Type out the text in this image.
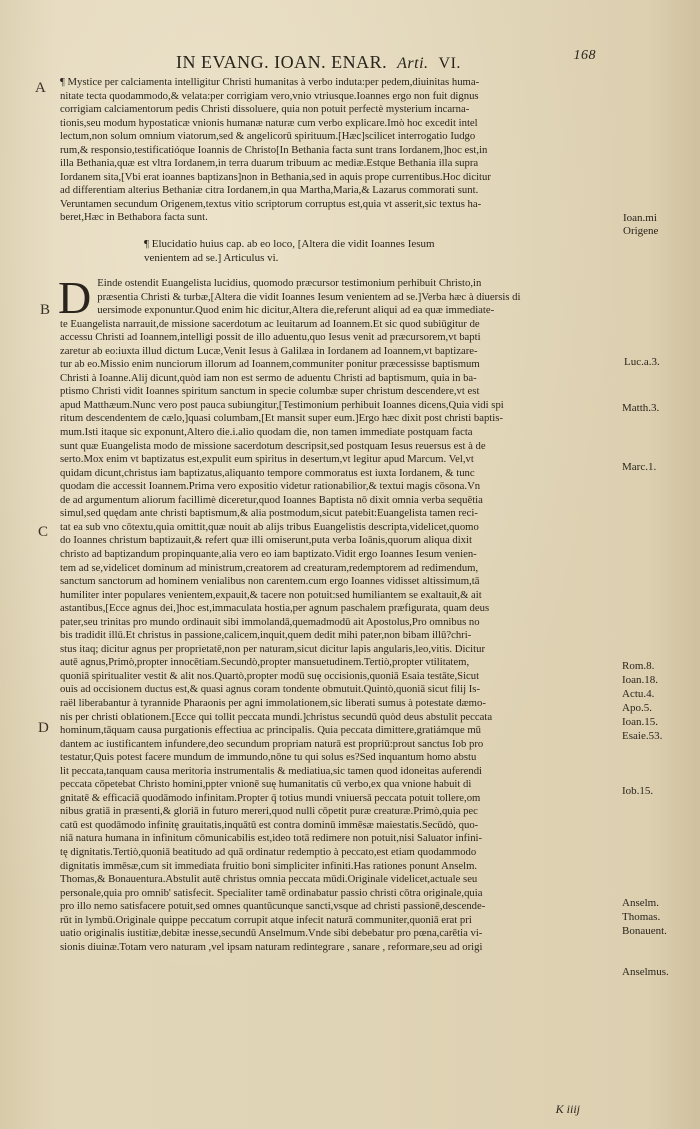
IN EVANG. IOAN. ENAR. Arti. VI.	168
A
B
C
D
Ioan.mi Origene
Luc.a.3.
Matth.3.
Marc.1.
Rom.8.
Ioan.18.
Actu.4.
Apo.5.
Ioan.15.
Esaie.53.
Iob.15.
Anselm.
Thomas.
Bonauent.
Anselmus.
¶ Mystice per calciamenta intelligitur Christi humanitas à verbo induta:per pedem,diuinitas huma-
nitate tecta quodammodo,& velata:per corrigiam vero,vnio vtriusque.Ioannes ergo non fuit dignus
corrigiam calciamentorum pedis Christi dissoluere, quia non potuit perfectè mysterium incarna-
tionis,seu modum hypostaticæ vnionis humanæ naturæ cum verbo explicare.Imò hoc excedit intel
lectum,non solum omnium viatorum,sed & angelicorū spirituum.[Hæc]scilicet interrogatio Iudgo
rum,& responsio,testificatióque Ioannis de Christo[In Bethania facta sunt trans Iordanem,]hoc est,in
illa Bethania,quæ est vltra Iordanem,in terra duarum tribuum ac mediæ.Estque Bethania illa supra
Iordanem sita,[Vbi erat ioannes baptizans]non in Bethania,sed in aquis prope currentibus.Hoc dicitur
ad differentiam alterius Bethaniæ citra Iordanem,in qua Martha,Maria,& Lazarus commorati sunt.
Veruntamen secundum Origenem,textus vitio scriptorum corruptus est,quia vt asserit,sic textus ha-
beret,Hæc in Bethabora facta sunt.
¶ Elucidatio huius cap. ab eo loco, [Altera die vidit Ioannes Iesum
venientem ad se.] Articulus vi.
D Einde ostendit Euangelista lucidius, quomodo præcursor testimonium perhibuit Christo,in
præsentia Christi & turbæ,[Altera die vidit Ioannes Iesum venientem ad se.]Verba hæc à diuersis di
uersimode exponuntur.Quod enim hic dicitur,Altera die,referunt aliqui ad ea quæ immediate-
te Euangelista narrauit,de missione sacerdotum ac leuitarum ad Ioannem.Et sic quod subiūgitur de
accessu Christi ad Ioannem,intelligi possit de illo aduentu,quo Iesus venit ad præcursorem,vt bapti
zaretur ab eo:iuxta illud dictum Lucæ,Venit Iesus à Galilæa in Iordanem ad Ioannem,vt baptizare-
tur ab eo.Missio enim nunciorum illorum ad Ioannem,communiter ponitur præcessisse baptismum
Christi à Ioanne.Alij dicunt,quòd iam non est sermo de aduentu Christi ad baptismum, quia in ba-
ptismo Christi vidit Ioannes spiritum sanctum in specie columbæ super christum descendere,vt est
apud Matthæum.Nunc vero post pauca subiungitur,[Testimonium perhibuit Ioannes dicens,Quia vidi spi
ritum descendentem de cælo,]quasi columbam,[Et mansit super eum.]Ergo hæc dixit post christi baptis-
mum.Isti itaque sic exponunt,Altero die.i.alio quodam die, non tamen immediate postquam facta
sunt quæ Euangelista modo de missione sacerdotum descripsit,sed postquam Iesus reuersus est à de
serto.Mox enim vt baptizatus est,expulit eum spiritus in desertum,vt legitur apud Marcum. Vel,vt
quidam dicunt,christus iam baptizatus,aliquanto tempore commoratus est iuxta Iordanem, & tunc
quodam die accessit Ioannem.Prima vero expositio videtur rationabilior,& textui magis cōsona.Vn
de ad argumentum aliorum facillimè diceretur,quod Ioannes Baptista nō dixit omnia verba sequētia
simul,sed quędam ante christi baptismum,& alia postmodum,sicut patebit:Euangelista tamen reci-
tat ea sub vno cōtextu,quia omittit,quæ nouit ab alijs tribus Euangelistis descripta,videlicet,quomo
do Ioannes christum baptizauit,& refert quæ illi omiserunt,puta verba Ioānis,quorum aliqua dixit
christo ad baptizandum propinquante,alia vero eo iam baptizato.Vidit ergo Ioannes Iesum venien-
tem ad se,videlicet dominum ad ministrum,creatorem ad creaturam,redemptorem ad redimendum,
sanctum sanctorum ad hominem venialibus non carentem.cum ergo Ioannes vidisset altissimum,tā
humiliter inter populares venientem,expauit,& tacere non potuit:sed humiliantem se exaltauit,& ait
astantibus,[Ecce agnus dei,]hoc est,immaculata hostia,per agnum paschalem præfigurata, quam deus
pater,seu trinitas pro mundo ordinauit sibi immolandā,quemadmodū ait Apostolus,Pro omnibus no
bis tradidit illū.Et christus in passione,calicem,inquit,quem dedit mihi pater,non bibam illū?chri-
stus itaq; dicitur agnus per proprietatē,non per naturam,sicut dicitur lapis angularis,leo,vitis. Dicitur
autē agnus,Primò,propter innocētiam.Secundò,propter mansuetudinem.Tertiò,propter vtilitatem,
quoniā spiritualiter vestit & alit nos.Quartò,propter modū suę occisionis,quoniā Esaia testāte,Sicut
ouis ad occisionem ductus est,& quasi agnus coram tondente obmutuit.Quintò,quoniā sicut filij Is-
raël liberabantur à tyrannide Pharaonis per agni immolationem,sic liberati sumus à potestate dæmo-
nis per christi oblationem.[Ecce qui tollit peccata mundi.]christus secundū quòd deus abstulit peccata
hominum,tāquam causa purgationis effectiua ac principalis. Quia peccata dimittere,gratiámque mū
dantem ac iustificantem infundere,deo secundum propriam naturā est propriū:prout sanctus Iob pro
testatur,Quis potest facere mundum de immundo,nōne tu qui solus es?Sed inquantum homo abstu
lit peccata,tanquam causa meritoria instrumentalis & mediatiua,sic tamen quod idoneitas auferendi
peccata cōpetebat Christo homini,ppter vnionē suę humanitatis cū verbo,ex qua vnione habuit di
gnitatē & efficaciā quodāmodo infinitam.Propter q̄ totius mundi vniuersā peccata potuit tollere,om
nibus gratiā in præsenti,& gloriā in futuro mereri,quod nulli cōpetit puræ creaturæ.Primò,quia pec
catū est quodāmodo infinitę grauitatis,inquātū est contra dominū immēsæ maiestatis.Secūdò, quo-
niā natura humana in infinitum cōmunicabilis est,ideo totā redimere non potuit,nisi Saluator infini-
tę dignitatis.Tertiò,quoniā beatitudo ad quā ordinatur redemptio à peccato,est etiam quodammodo
dignitatis immēsæ,cum sit immediata fruitio boni simpliciter infiniti.Has rationes ponunt Anselm.
Thomas,& Bonauentura.Abstulit autē christus omnia peccata mūdi.Originale videlicet,actuale seu
personale,quia pro omnib' satisfecit. Specialiter tamē ordinabatur passio christi cōtra originale,quia
pro illo nemo satisfacere potuit,sed omnes quantūcunque sancti,vsque ad christi passionē,descende-
rūt in lymbū.Originale quippe peccatum corrupit atque infecit naturā communiter,quoniā erat pri
uatio originalis iustitiæ,debitæ inesse,secundū Anselmum.Vnde sibi debebatur pro pœna,carētia vi-
sionis diuinæ.Totam vero naturam ,vel ipsam naturam redintegrare , sanare , reformare,seu ad origi
K iiij
